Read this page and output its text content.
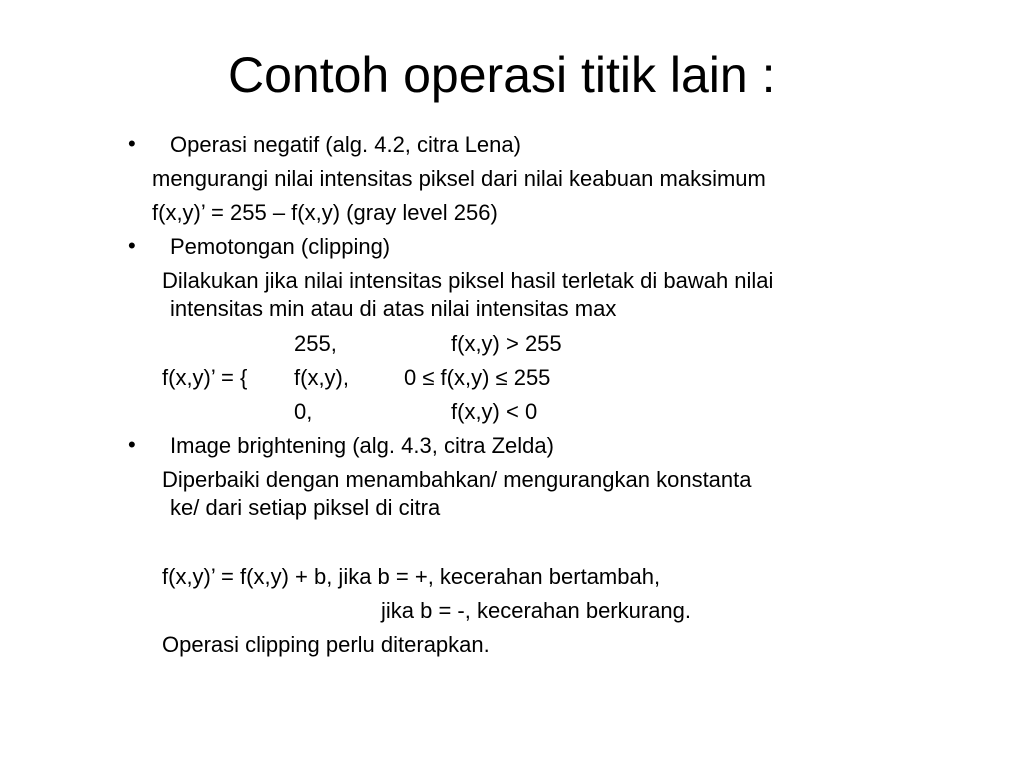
Contoh operasi titik lain :
• Operasi negatif (alg. 4.2, citra Lena)
mengurangi nilai intensitas piksel dari nilai keabuan maksimum
f(x,y)’ = 255 – f(x,y) (gray level 256)
• Pemotongan (clipping)
Dilakukan jika nilai intensitas piksel hasil terletak di bawah nilai
intensitas min atau di atas nilai intensitas max
255,	f(x,y) > 255
f(x,y)’ = { f(x,y),	0 ≤ f(x,y) ≤ 255
0,	f(x,y) < 0
• Image brightening (alg. 4.3, citra Zelda)
Diperbaiki dengan menambahkan/ mengurangkan konstanta
ke/ dari setiap piksel di citra
f(x,y)’ = f(x,y) + b, jika b = +, kecerahan bertambah,
jika b = -, kecerahan berkurang.
Operasi clipping perlu diterapkan.
